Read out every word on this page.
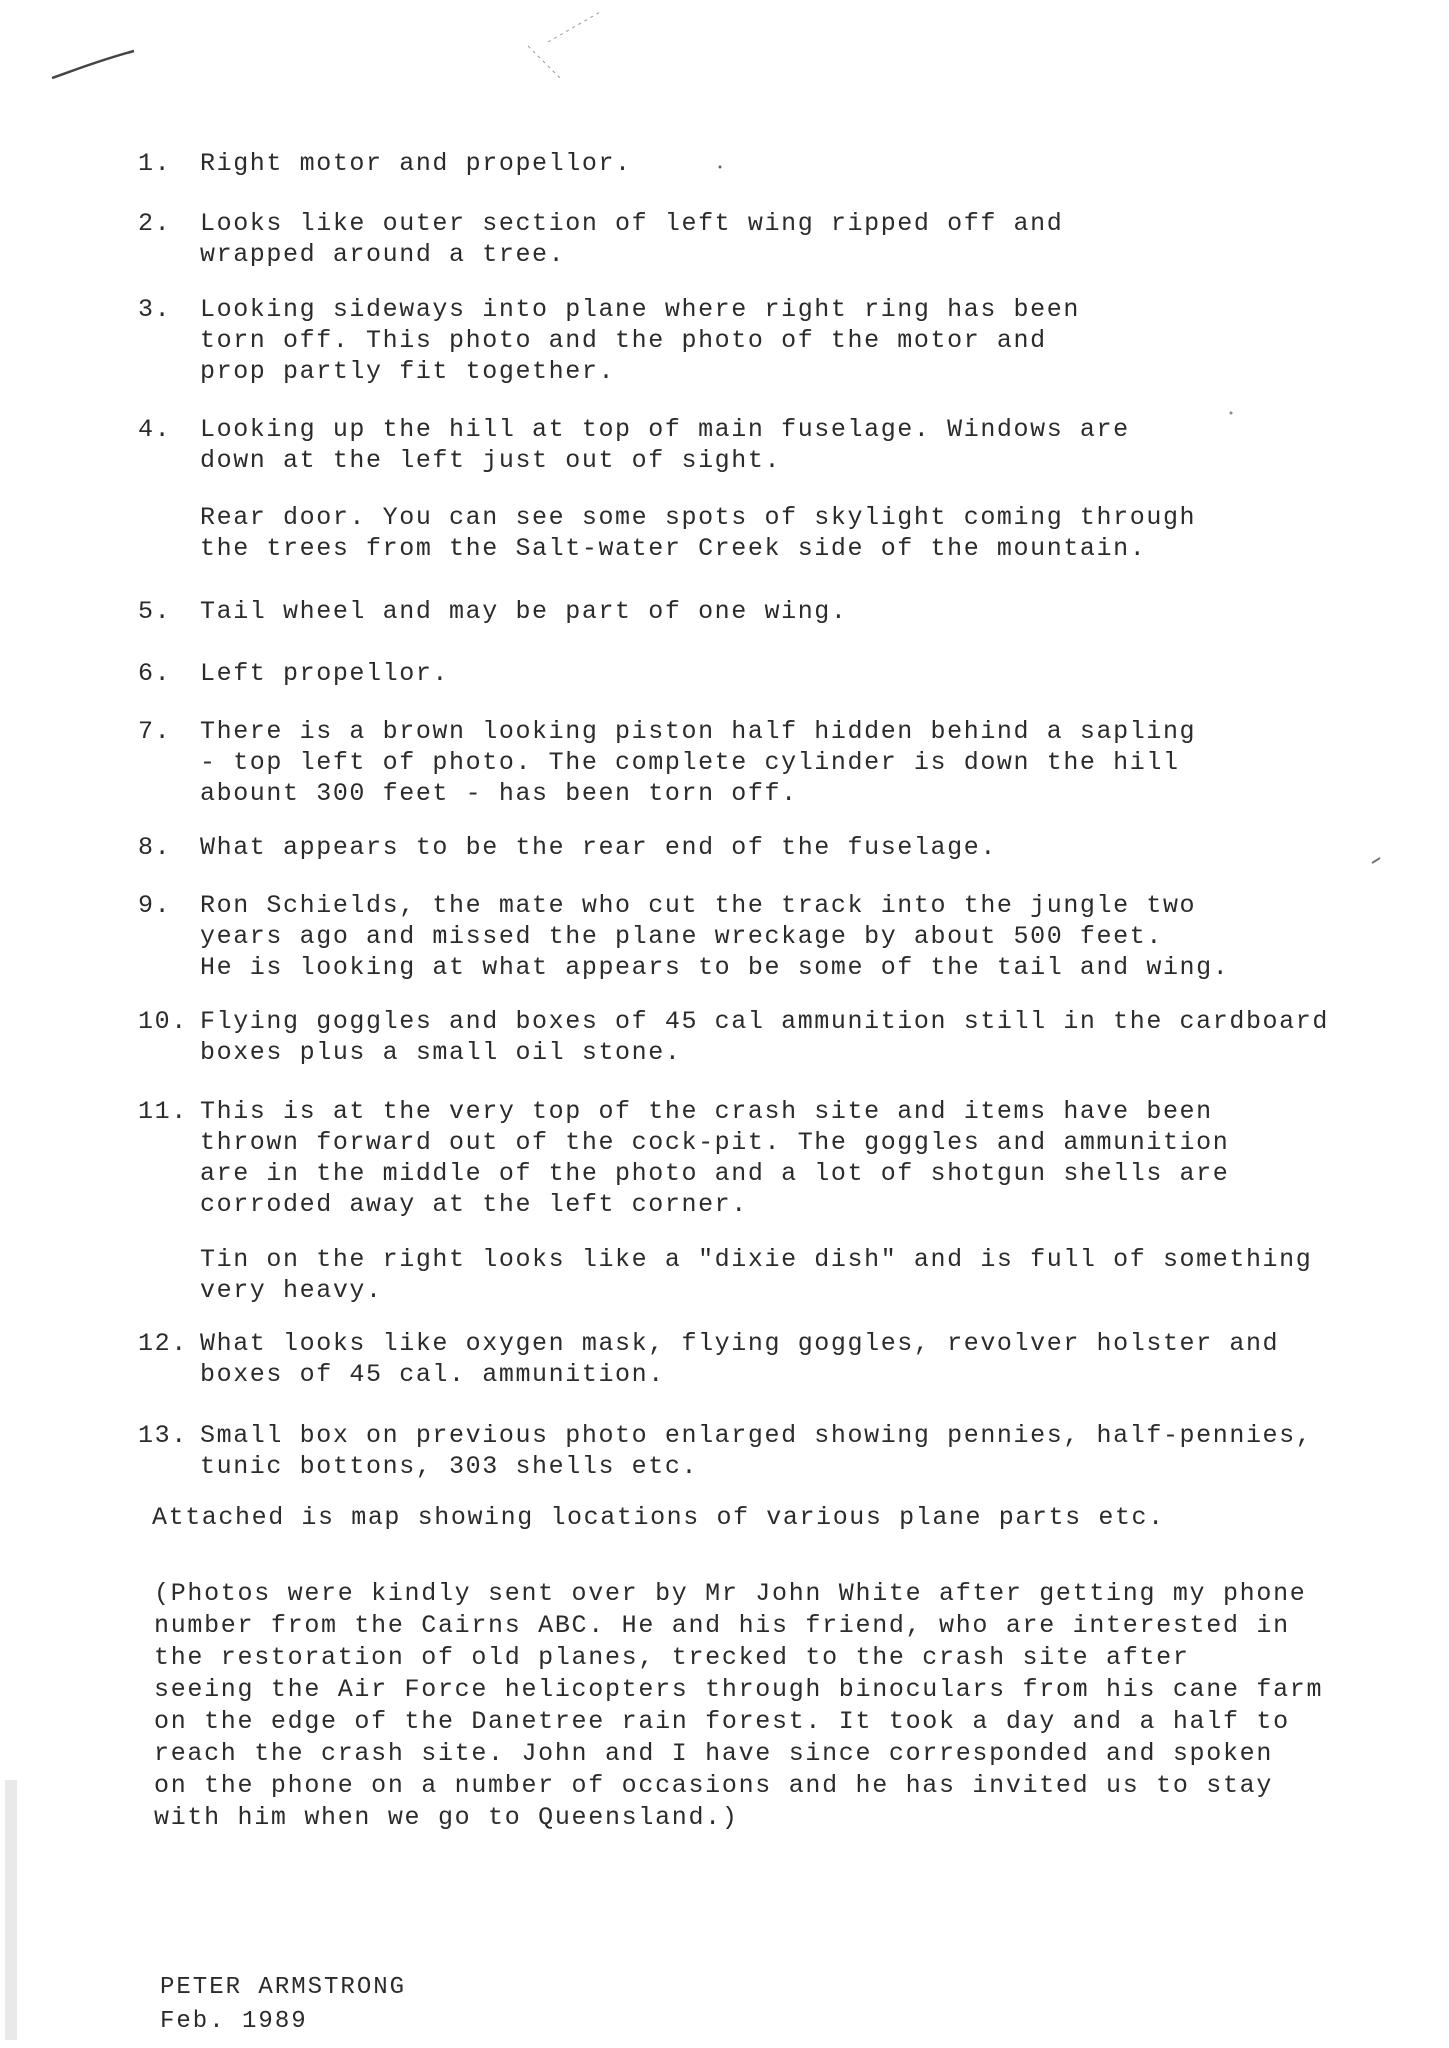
1. Right motor and propellor.
2. Looks like outer section of left wing ripped off and
wrapped around a tree.
3. Looking sideways into plane where right ring has been
torn off. This photo and the photo of the motor and
prop partly fit together.
4. Looking up the hill at top of main fuselage. Windows are
down at the left just out of sight.
Rear door. You can see some spots of skylight coming through
the trees from the Salt-water Creek side of the mountain.
5. Tail wheel and may be part of one wing.
6. Left propellor.
7. There is a brown looking piston half hidden behind a sapling
- top left of photo. The complete cylinder is down the hill
abount 300 feet - has been torn off.
8. What appears to be the rear end of the fuselage.
9. Ron Schields, the mate who cut the track into the jungle two
years ago and missed the plane wreckage by about 500 feet.
He is looking at what appears to be some of the tail and wing.
10. Flying goggles and boxes of 45 cal ammunition still in the cardboard
boxes plus a small oil stone.
11. This is at the very top of the crash site and items have been
thrown forward out of the cock-pit. The goggles and ammunition
are in the middle of the photo and a lot of shotgun shells are
corroded away at the left corner.
Tin on the right looks like a "dixie dish" and is full of something
very heavy.
12. What looks like oxygen mask, flying goggles, revolver holster and
boxes of 45 cal. ammunition.
13. Small box on previous photo enlarged showing pennies, half-pennies,
tunic bottons, 303 shells etc.
Attached is map showing locations of various plane parts etc.
(Photos were kindly sent over by Mr John White after getting my phone
number from the Cairns ABC. He and his friend, who are interested in
the restoration of old planes, trecked to the crash site after
seeing the Air Force helicopters through binoculars from his cane farm
on the edge of the Danetree rain forest. It took a day and a half to
reach the crash site. John and I have since corresponded and spoken
on the phone on a number of occasions and he has invited us to stay
with him when we go to Queensland.)
PETER ARMSTRONG
Feb. 1989
